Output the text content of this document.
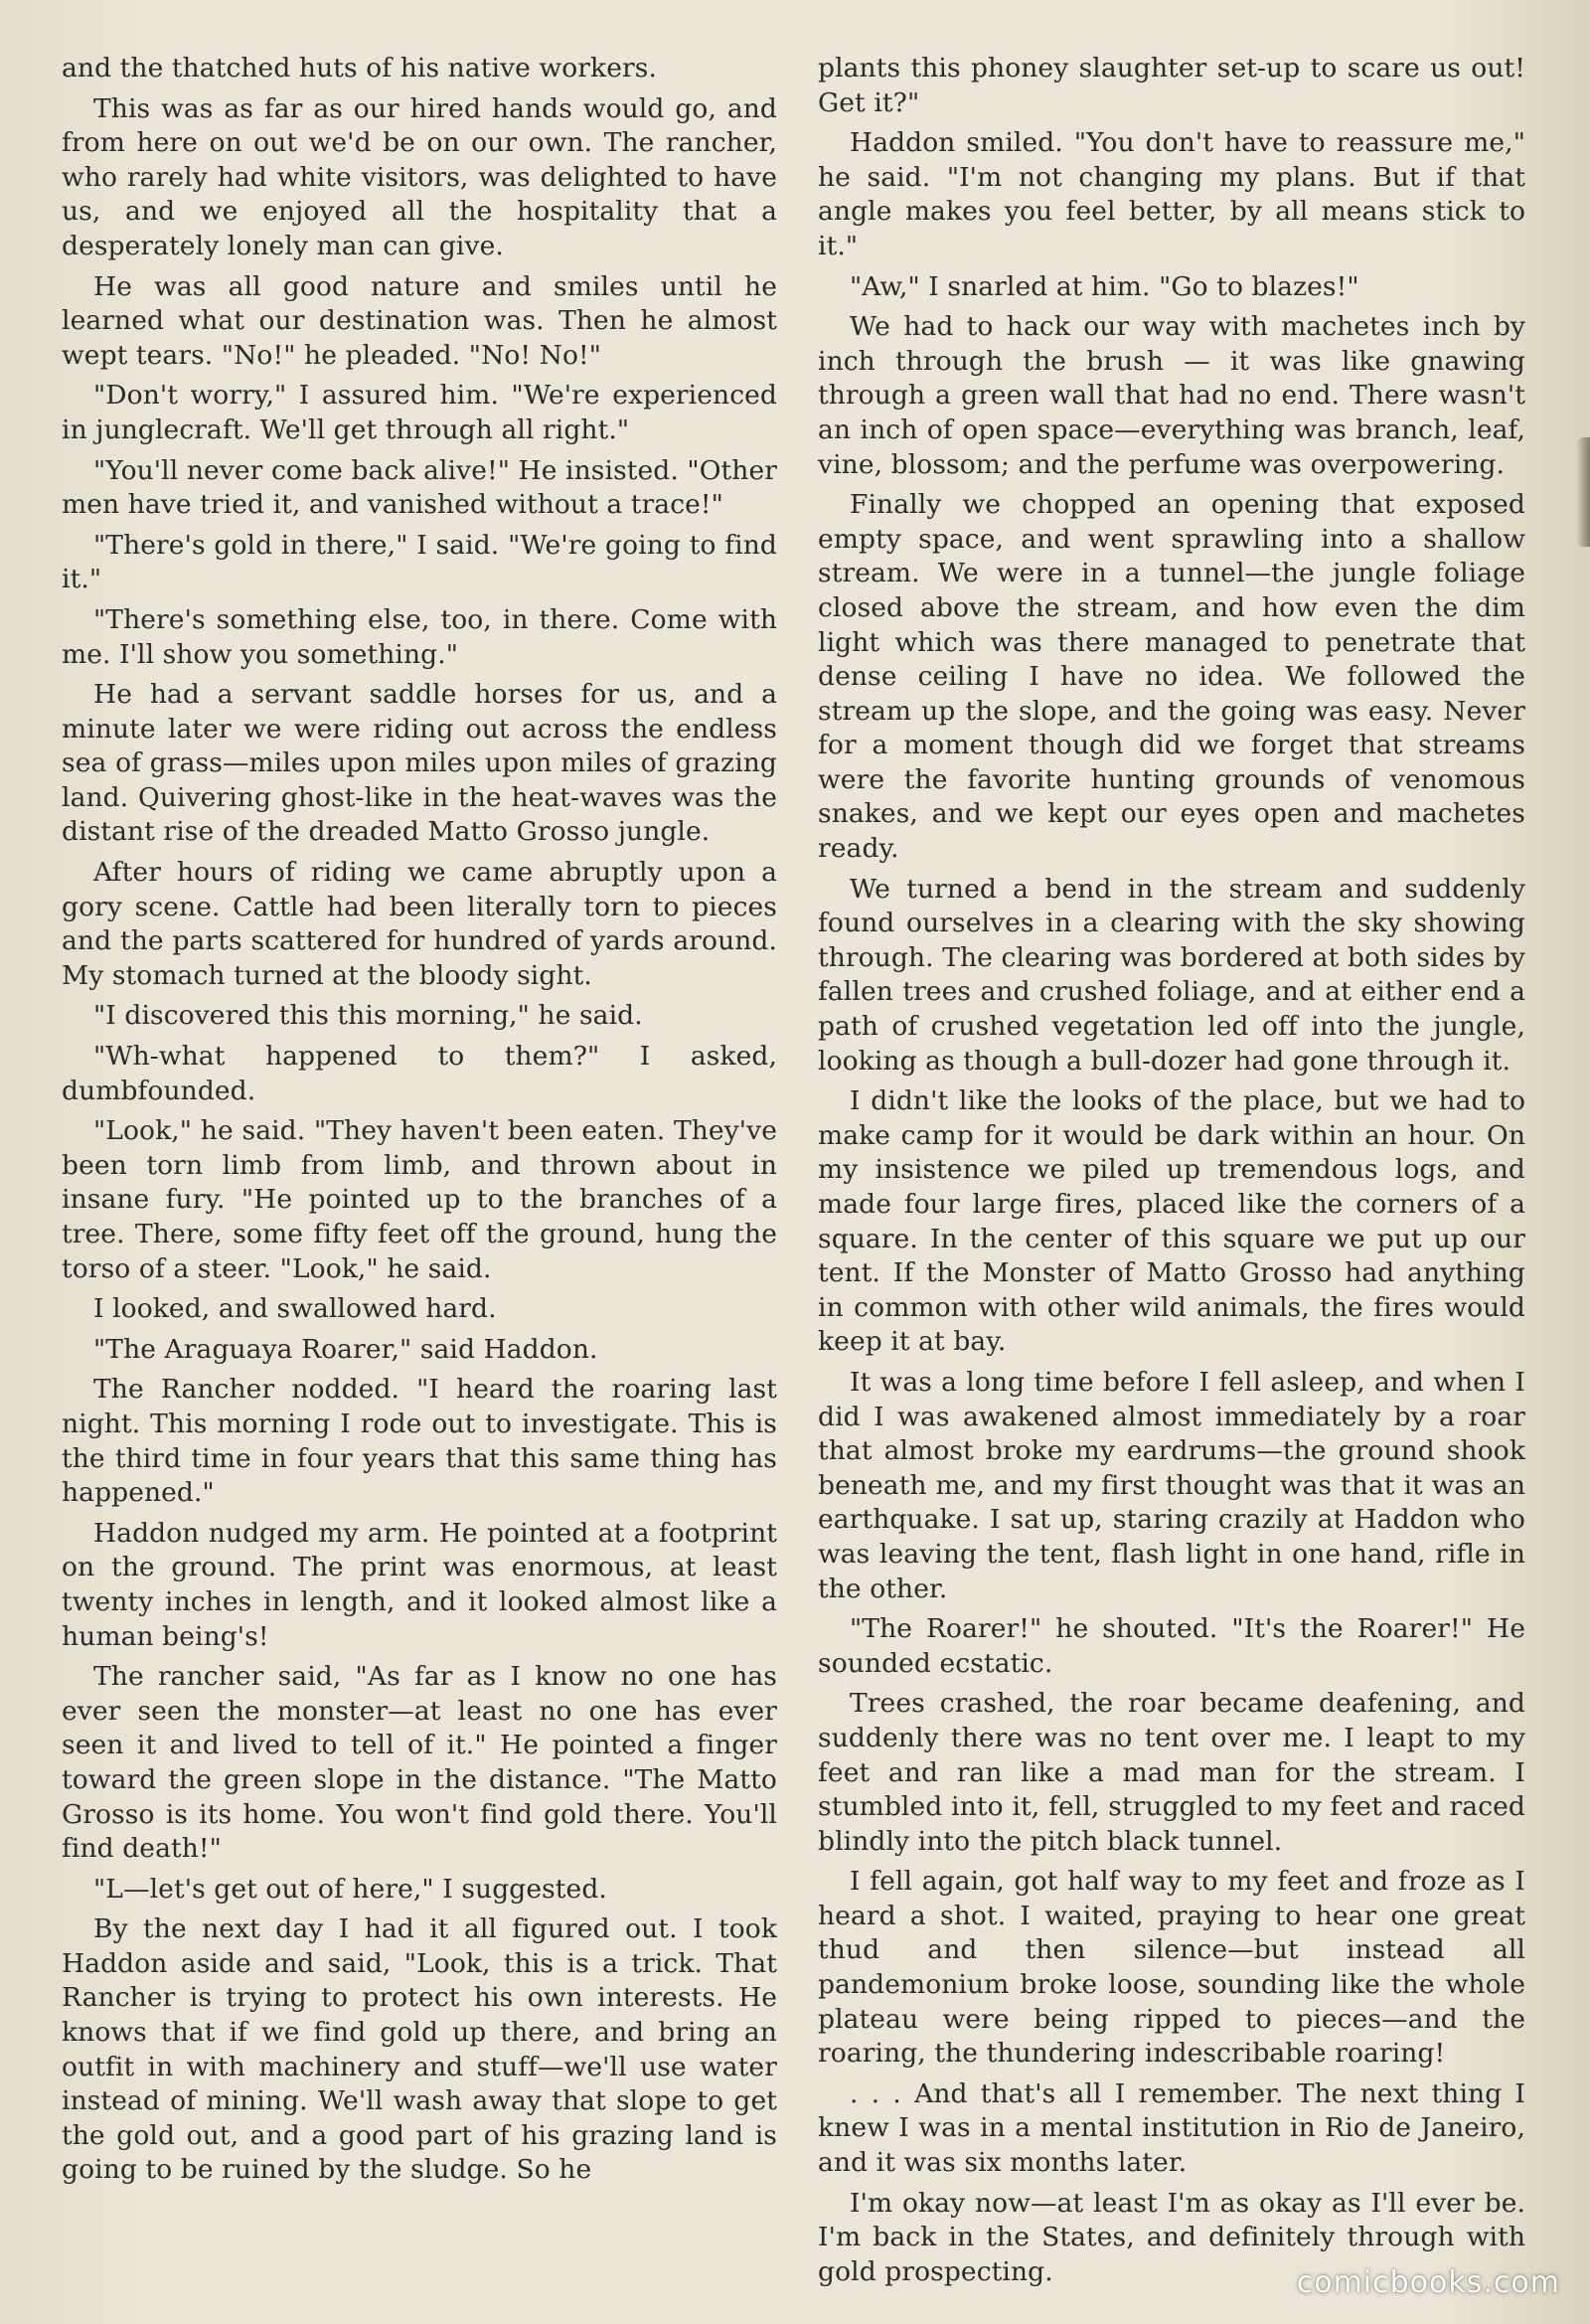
and the thatched huts of his native workers.

This was as far as our hired hands would go, and from here on out we'd be on our own. The rancher, who rarely had white visitors, was delighted to have us, and we enjoyed all the hospitality that a desperately lonely man can give.

He was all good nature and smiles until he learned what our destination was. Then he almost wept tears. "No!" he pleaded. "No! No!"

"Don't worry," I assured him. "We're experienced in junglecraft. We'll get through all right."

"You'll never come back alive!" He insisted. "Other men have tried it, and vanished without a trace!"

"There's gold in there," I said. "We're going to find it."

"There's something else, too, in there. Come with me. I'll show you something."

He had a servant saddle horses for us, and a minute later we were riding out across the endless sea of grass—miles upon miles upon miles of grazing land. Quivering ghost-like in the heat-waves was the distant rise of the dreaded Matto Grosso jungle.

After hours of riding we came abruptly upon a gory scene. Cattle had been literally torn to pieces and the parts scattered for hundred of yards around. My stomach turned at the bloody sight.

"I discovered this this morning," he said.

"Wh-what happened to them?" I asked, dumbfounded.

"Look," he said. "They haven't been eaten. They've been torn limb from limb, and thrown about in insane fury. "He pointed up to the branches of a tree. There, some fifty feet off the ground, hung the torso of a steer. "Look," he said.

I looked, and swallowed hard.

"The Araguaya Roarer," said Haddon.

The Rancher nodded. "I heard the roaring last night. This morning I rode out to investigate. This is the third time in four years that this same thing has happened."

Haddon nudged my arm. He pointed at a footprint on the ground. The print was enormous, at least twenty inches in length, and it looked almost like a human being's!

The rancher said, "As far as I know no one has ever seen the monster—at least no one has ever seen it and lived to tell of it." He pointed a finger toward the green slope in the distance. "The Matto Grosso is its home. You won't find gold there. You'll find death!"

"L—let's get out of here," I suggested.

By the next day I had it all figured out. I took Haddon aside and said, "Look, this is a trick. That Rancher is trying to protect his own interests. He knows that if we find gold up there, and bring an outfit in with machinery and stuff—we'll use water instead of mining. We'll wash away that slope to get the gold out, and a good part of his grazing land is going to be ruined by the sludge. So he

plants this phoney slaughter set-up to scare us out! Get it?"

Haddon smiled. "You don't have to reassure me," he said. "I'm not changing my plans. But if that angle makes you feel better, by all means stick to it."

"Aw," I snarled at him. "Go to blazes!"

We had to hack our way with machetes inch by inch through the brush — it was like gnawing through a green wall that had no end. There wasn't an inch of open space—everything was branch, leaf, vine, blossom; and the perfume was overpowering.

Finally we chopped an opening that exposed empty space, and went sprawling into a shallow stream. We were in a tunnel—the jungle foliage closed above the stream, and how even the dim light which was there managed to penetrate that dense ceiling I have no idea. We followed the stream up the slope, and the going was easy. Never for a moment though did we forget that streams were the favorite hunting grounds of venomous snakes, and we kept our eyes open and machetes ready.

We turned a bend in the stream and suddenly found ourselves in a clearing with the sky showing through. The clearing was bordered at both sides by fallen trees and crushed foliage, and at either end a path of crushed vegetation led off into the jungle, looking as though a bull-dozer had gone through it.

I didn't like the looks of the place, but we had to make camp for it would be dark within an hour. On my insistence we piled up tremendous logs, and made four large fires, placed like the corners of a square. In the center of this square we put up our tent. If the Monster of Matto Grosso had anything in common with other wild animals, the fires would keep it at bay.

It was a long time before I fell asleep, and when I did I was awakened almost immediately by a roar that almost broke my eardrums—the ground shook beneath me, and my first thought was that it was an earthquake. I sat up, staring crazily at Haddon who was leaving the tent, flash light in one hand, rifle in the other.

"The Roarer!" he shouted. "It's the Roarer!" He sounded ecstatic.

Trees crashed, the roar became deafening, and suddenly there was no tent over me. I leapt to my feet and ran like a mad man for the stream. I stumbled into it, fell, struggled to my feet and raced blindly into the pitch black tunnel.

I fell again, got half way to my feet and froze as I heard a shot. I waited, praying to hear one great thud and then silence—but instead all pandemonium broke loose, sounding like the whole plateau were being ripped to pieces—and the roaring, the thundering indescribable roaring!

. . . And that's all I remember. The next thing I knew I was in a mental institution in Rio de Janeiro, and it was six months later.

I'm okay now—at least I'm as okay as I'll ever be. I'm back in the States, and definitely through with gold prospecting.	comicbooks.com
